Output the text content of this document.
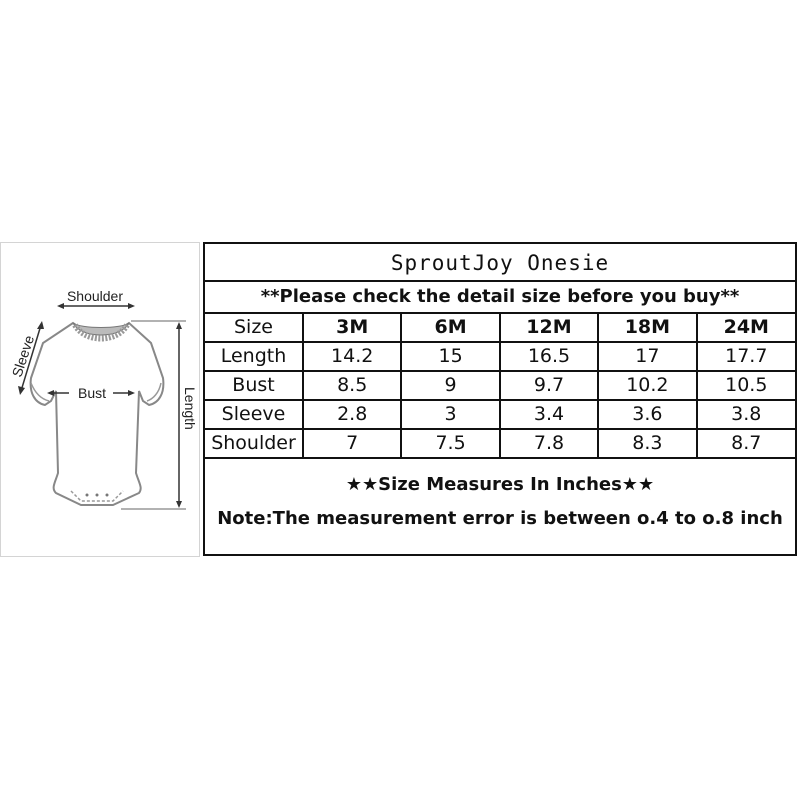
Shoulder
Sleeve
Bust	Length
SproutJoy Onesie
**Please check the detail size before you buy**
Size	3M	6M	12M	18M	24M
Length	14.2	15	16.5	17	17.7
Bust	8.5	9	9.7	10.2	10.5
Sleeve	2.8	3	3.4	3.6	3.8
Shoulder	7	7.5	7.8	8.3	8.7
★★Size Measures In Inches★★
Note:The measurement error is between o.4 to o.8 inch
